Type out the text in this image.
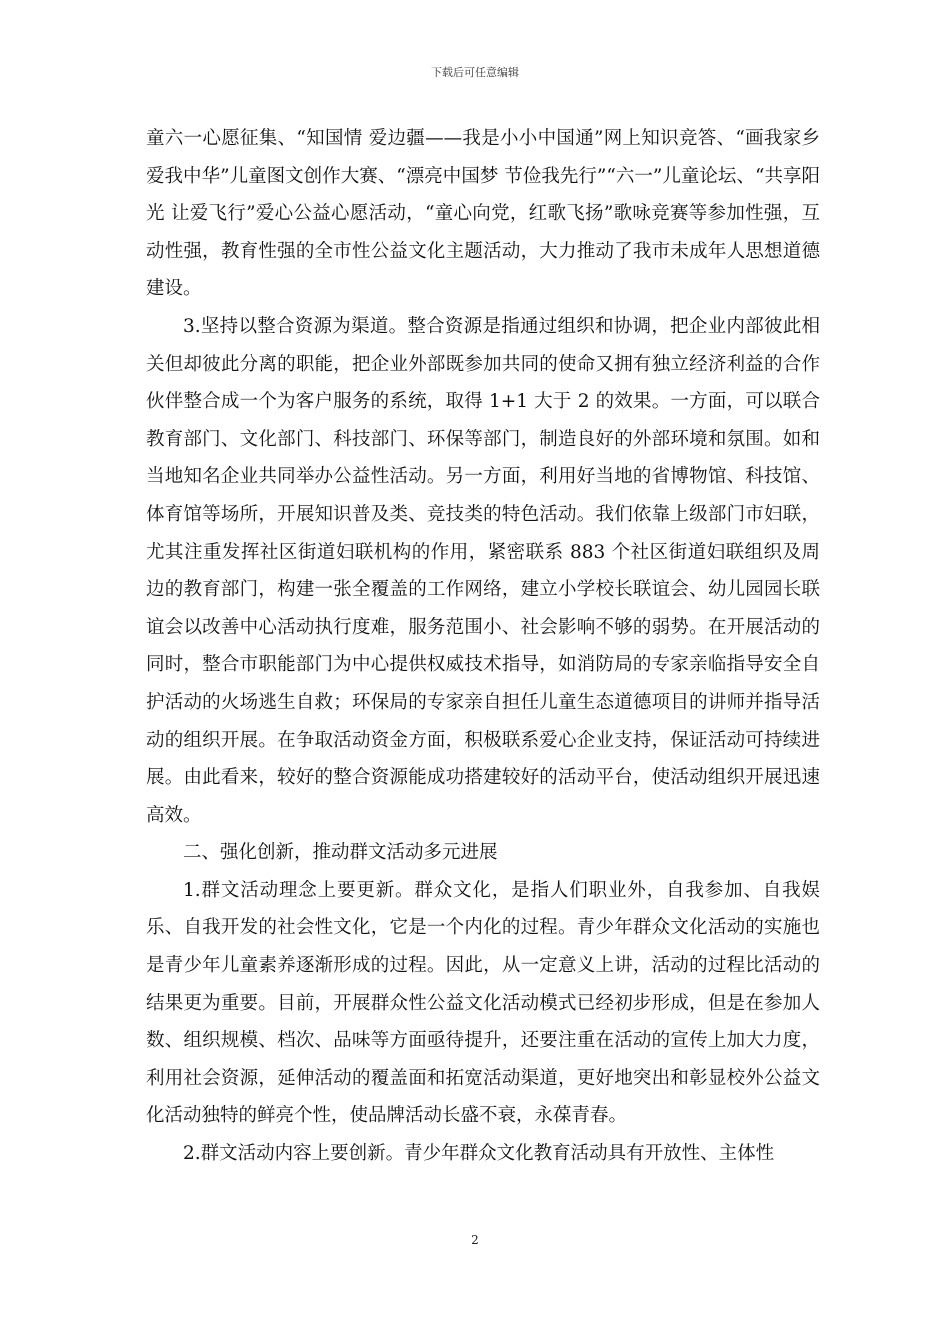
下载后可任意编辑

童六一心愿征集、“知国情 爱边疆——我是小小中国通”网上知识竞答、“画我家乡 爱我中华”儿童图文创作大赛、“漂亮中国梦 节俭我先行”“六一”儿童论坛、“共享阳光 让爱飞行”爱心公益心愿活动，“童心向党，红歌飞扬”歌咏竞赛等参加性强，互动性强，教育性强的全市性公益文化主题活动，大力推动了我市未成年人思想道德建设。

3.坚持以整合资源为渠道。整合资源是指通过组织和协调，把企业内部彼此相关但却彼此分离的职能，把企业外部既参加共同的使命又拥有独立经济利益的合作伙伴整合成一个为客户服务的系统，取得 1+1 大于 2 的效果。一方面，可以联合教育部门、文化部门、科技部门、环保等部门，制造良好的外部环境和氛围。如和当地知名企业共同举办公益性活动。另一方面，利用好当地的省博物馆、科技馆、体育馆等场所，开展知识普及类、竞技类的特色活动。我们依靠上级部门市妇联，尤其注重发挥社区街道妇联机构的作用，紧密联系 883 个社区街道妇联组织及周边的教育部门，构建一张全覆盖的工作网络，建立小学校长联谊会、幼儿园园长联谊会以改善中心活动执行度难，服务范围小、社会影响不够的弱势。在开展活动的同时，整合市职能部门为中心提供权威技术指导，如消防局的专家亲临指导安全自护活动的火场逃生自救；环保局的专家亲自担任儿童生态道德项目的讲师并指导活动的组织开展。在争取活动资金方面，积极联系爱心企业支持，保证活动可持续进展。由此看来，较好的整合资源能成功搭建较好的活动平台，使活动组织开展迅速高效。

二、强化创新，推动群文活动多元进展

1.群文活动理念上要更新。群众文化，是指人们职业外，自我参加、自我娱乐、自我开发的社会性文化，它是一个内化的过程。青少年群众文化活动的实施也是青少年儿童素养逐渐形成的过程。因此，从一定意义上讲，活动的过程比活动的结果更为重要。目前，开展群众性公益文化活动模式已经初步形成，但是在参加人数、组织规模、档次、品味等方面亟待提升，还要注重在活动的宣传上加大力度，利用社会资源，延伸活动的覆盖面和拓宽活动渠道，更好地突出和彰显校外公益文化活动独特的鲜亮个性，使品牌活动长盛不衰，永葆青春。

2.群文活动内容上要创新。青少年群众文化教育活动具有开放性、主体性

2
